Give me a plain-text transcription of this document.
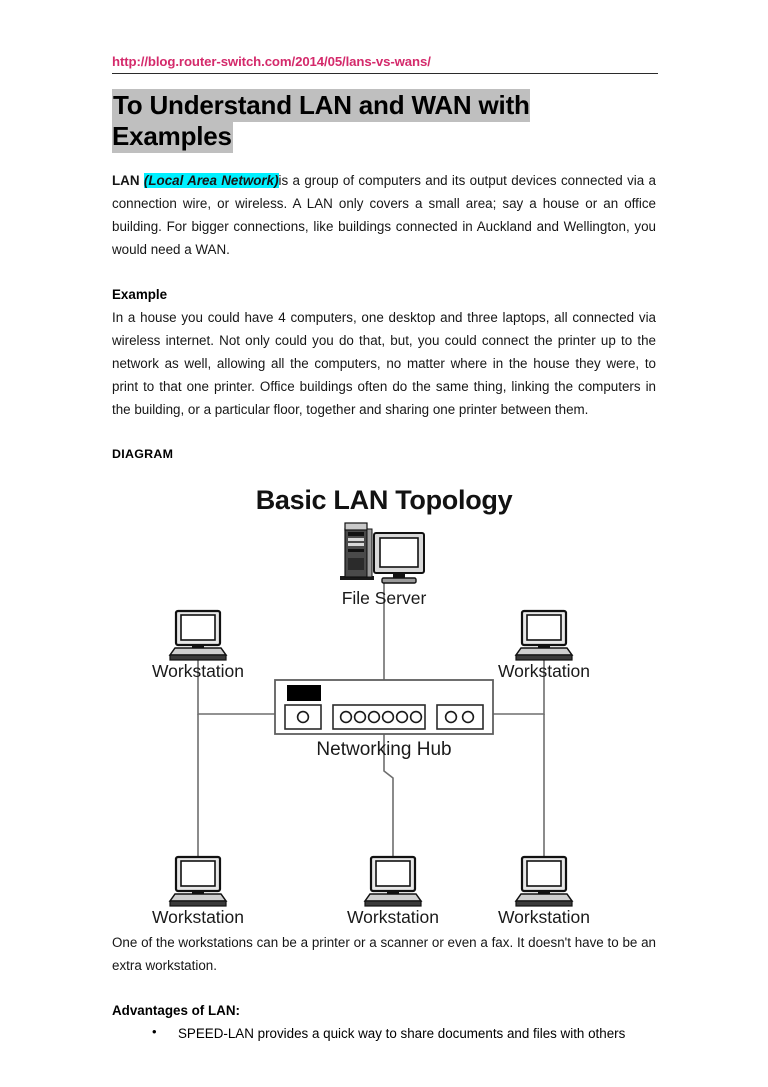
http://blog.router-switch.com/2014/05/lans-vs-wans/
To Understand LAN and WAN with Examples

LAN (Local Area Network)is a group of computers and its output devices connected via a connection wire, or wireless. A LAN only covers a small area; say a house or an office building. For bigger connections, like buildings connected in Auckland and Wellington, you would need a WAN.

Example

In a house you could have 4 computers, one desktop and three laptops, all connected via wireless internet. Not only could you do that, but, you could connect the printer up to the network as well, allowing all the computers, no matter where in the house they were, to print to that one printer. Office buildings often do the same thing, linking the computers in the building, or a particular floor, together and sharing one printer between them.

DIAGRAM
Basic LAN Topology
File Server
Workstation	Workstation
Networking Hub
Workstation	Workstation	Workstation

One of the workstations can be a printer or a scanner or even a fax. It doesn't have to be an extra workstation.

Advantages of LAN:
• SPEED-LAN provides a quick way to share documents and files with others
